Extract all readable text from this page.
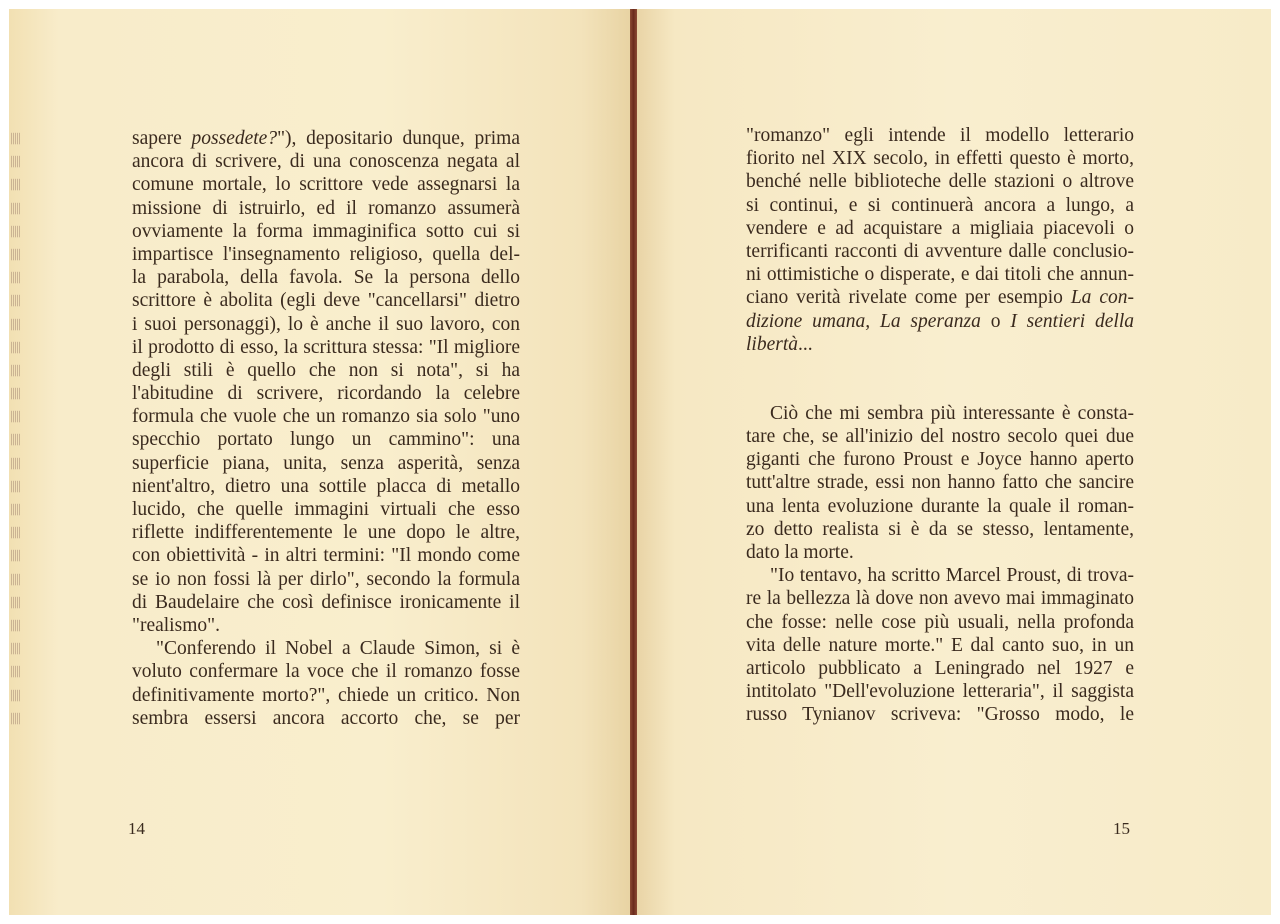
sapere possedete?"), depositario dunque, prima
ancora di scrivere, di una conoscenza negata al
comune mortale, lo scrittore vede assegnarsi la
missione di istruirlo, ed il romanzo assumerà
ovviamente la forma immaginifica sotto cui si
impartisce l'insegnamento religioso, quella del-
la parabola, della favola. Se la persona dello
scrittore è abolita (egli deve "cancellarsi" dietro
i suoi personaggi), lo è anche il suo lavoro, con
il prodotto di esso, la scrittura stessa: "Il migliore
degli stili è quello che non si nota", si ha
l'abitudine di scrivere, ricordando la celebre
formula che vuole che un romanzo sia solo "uno
specchio portato lungo un cammino": una
superficie piana, unita, senza asperità, senza
nient'altro, dietro una sottile placca di metallo
lucido, che quelle immagini virtuali che esso
riflette indifferentemente le une dopo le altre,
con obiettività - in altri termini: "Il mondo come
se io non fossi là per dirlo", secondo la formula
di Baudelaire che così definisce ironicamente il
"realismo".
"Conferendo il Nobel a Claude Simon, si è
voluto confermare la voce che il romanzo fosse
definitivamente morto?", chiede un critico. Non
sembra essersi ancora accorto che, se per
14
"romanzo" egli intende il modello letterario
fiorito nel XIX secolo, in effetti questo è morto,
benché nelle biblioteche delle stazioni o altrove
si continui, e si continuerà ancora a lungo, a
vendere e ad acquistare a migliaia piacevoli o
terrificanti racconti di avventure dalle conclusio-
ni ottimistiche o disperate, e dai titoli che annun-
ciano verità rivelate come per esempio La con-
dizione umana, La speranza o I sentieri della
libertà...
Ciò che mi sembra più interessante è consta-
tare che, se all'inizio del nostro secolo quei due
giganti che furono Proust e Joyce hanno aperto
tutt'altre strade, essi non hanno fatto che sancire
una lenta evoluzione durante la quale il roman-
zo detto realista si è da se stesso, lentamente,
dato la morte.
"Io tentavo, ha scritto Marcel Proust, di trova-
re la bellezza là dove non avevo mai immaginato
che fosse: nelle cose più usuali, nella profonda
vita delle nature morte." E dal canto suo, in un
articolo pubblicato a Leningrado nel 1927 e
intitolato "Dell'evoluzione letteraria", il saggista
russo Tynianov scriveva: "Grosso modo, le
15
